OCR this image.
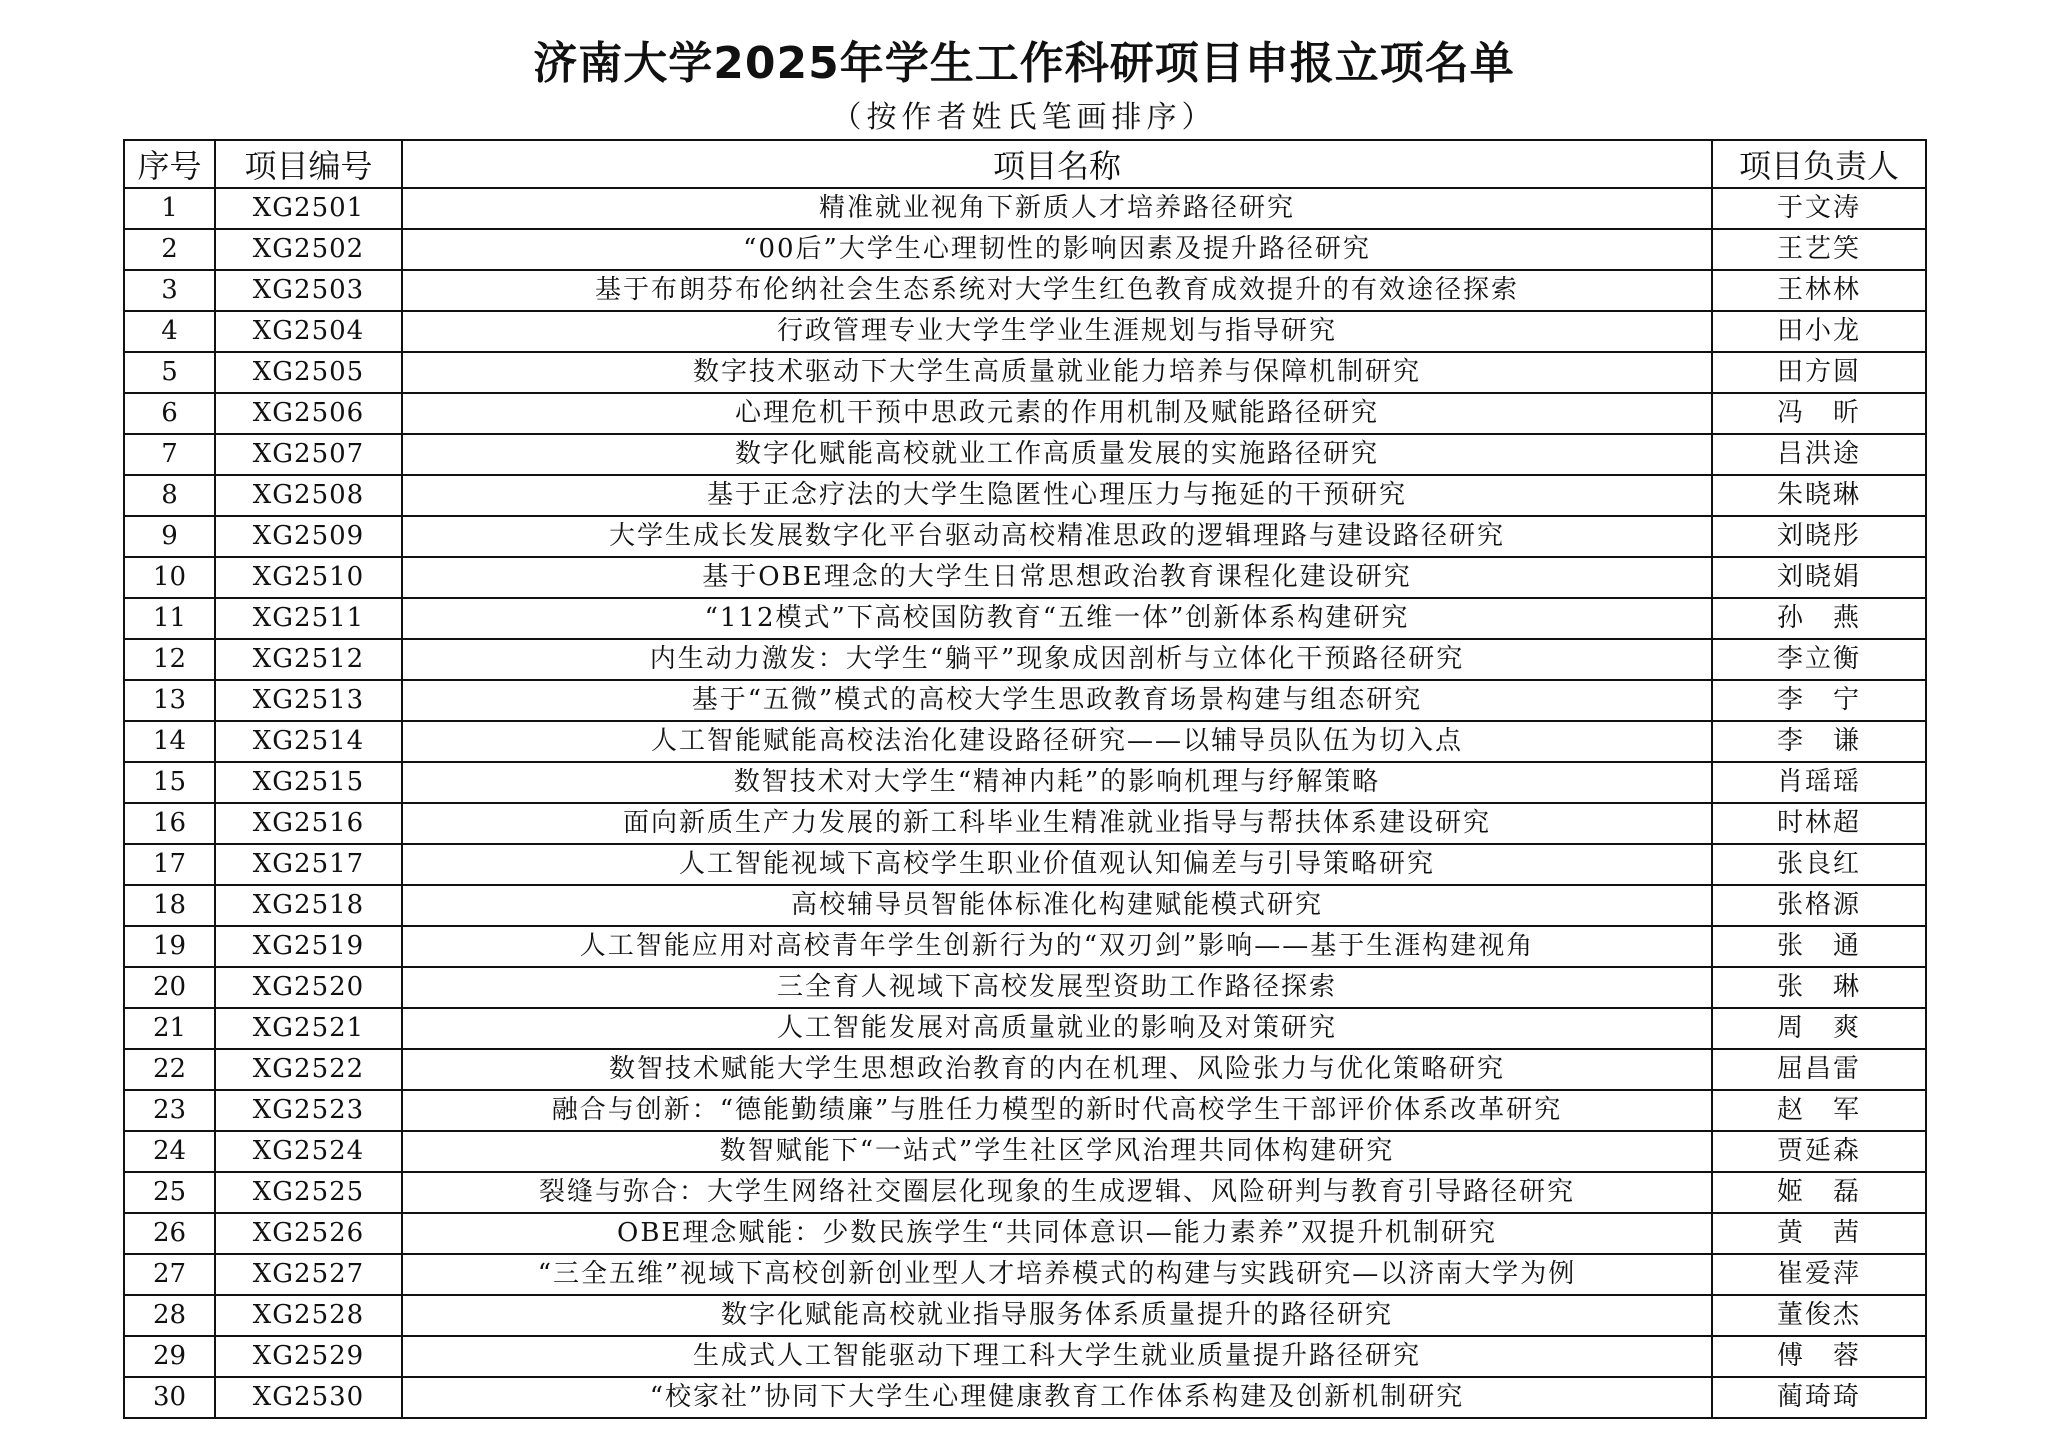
济南大学2025年学生工作科研项目申报立项名单
（按作者姓氏笔画排序）
序号	项目编号	项目名称	项目负责人
1	XG2501	精准就业视角下新质人才培养路径研究	于文涛
2	XG2502	“00后”大学生心理韧性的影响因素及提升路径研究	王艺笑
3	XG2503	基于布朗芬布伦纳社会生态系统对大学生红色教育成效提升的有效途径探索	王林林
4	XG2504	行政管理专业大学生学业生涯规划与指导研究	田小龙
5	XG2505	数字技术驱动下大学生高质量就业能力培养与保障机制研究	田方圆
6	XG2506	心理危机干预中思政元素的作用机制及赋能路径研究	冯　昕
7	XG2507	数字化赋能高校就业工作高质量发展的实施路径研究	吕洪途
8	XG2508	基于正念疗法的大学生隐匿性心理压力与拖延的干预研究	朱晓琳
9	XG2509	大学生成长发展数字化平台驱动高校精准思政的逻辑理路与建设路径研究	刘晓彤
10	XG2510	基于OBE理念的大学生日常思想政治教育课程化建设研究	刘晓娟
11	XG2511	“112模式”下高校国防教育“五维一体”创新体系构建研究	孙　燕
12	XG2512	内生动力激发：大学生“躺平”现象成因剖析与立体化干预路径研究	李立衡
13	XG2513	基于“五微”模式的高校大学生思政教育场景构建与组态研究	李　宁
14	XG2514	人工智能赋能高校法治化建设路径研究——以辅导员队伍为切入点	李　谦
15	XG2515	数智技术对大学生“精神内耗”的影响机理与纾解策略	肖瑶瑶
16	XG2516	面向新质生产力发展的新工科毕业生精准就业指导与帮扶体系建设研究	时林超
17	XG2517	人工智能视域下高校学生职业价值观认知偏差与引导策略研究	张良红
18	XG2518	高校辅导员智能体标准化构建赋能模式研究	张格源
19	XG2519	人工智能应用对高校青年学生创新行为的“双刃剑”影响——基于生涯构建视角	张　通
20	XG2520	三全育人视域下高校发展型资助工作路径探索	张　琳
21	XG2521	人工智能发展对高质量就业的影响及对策研究	周　爽
22	XG2522	数智技术赋能大学生思想政治教育的内在机理、风险张力与优化策略研究	屈昌雷
23	XG2523	融合与创新：“德能勤绩廉”与胜任力模型的新时代高校学生干部评价体系改革研究	赵　军
24	XG2524	数智赋能下“一站式”学生社区学风治理共同体构建研究	贾延森
25	XG2525	裂缝与弥合：大学生网络社交圈层化现象的生成逻辑、风险研判与教育引导路径研究	姬　磊
26	XG2526	OBE理念赋能：少数民族学生“共同体意识—能力素养”双提升机制研究	黄　茜
27	XG2527	“三全五维”视域下高校创新创业型人才培养模式的构建与实践研究—以济南大学为例	崔爱萍
28	XG2528	数字化赋能高校就业指导服务体系质量提升的路径研究	董俊杰
29	XG2529	生成式人工智能驱动下理工科大学生就业质量提升路径研究	傅　蓉
30	XG2530	“校家社”协同下大学生心理健康教育工作体系构建及创新机制研究	蔺琦琦
